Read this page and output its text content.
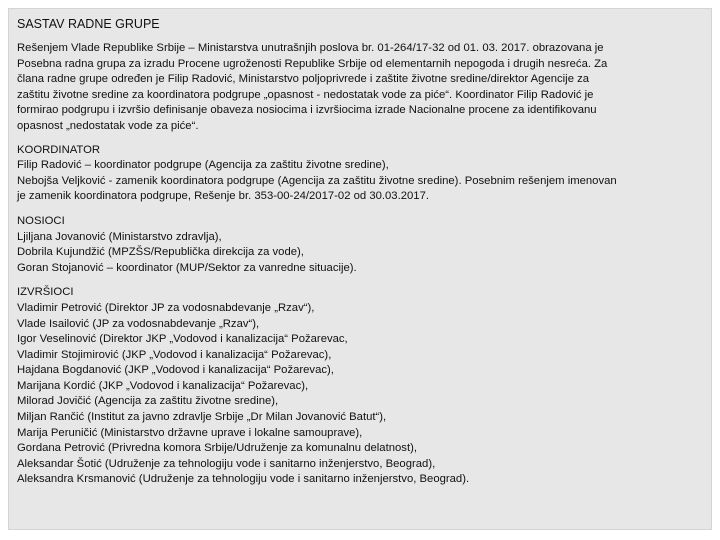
SASTAV RADNE GRUPE
Rešenjem Vlade Republike Srbije – Ministarstva unutrašnjih poslova br. 01-264/17-32 od 01. 03. 2017. obrazovana je
Posebna radna grupa za izradu Procene ugroženosti Republike Srbije od elementarnih nepogoda i drugih nesreća. Za
člana radne grupe određen je Filip Radović, Ministarstvo poljoprivrede i zaštite životne sredine/direktor Agencije za
zaštitu životne sredine za koordinatora podgrupe „opasnost - nedostatak vode za piće“. Koordinator Filip Radović je
formirao podgrupu i izvršio definisanje obaveza nosiocima i izvršiocima izrade Nacionalne procene za identifikovanu
opasnost „nedostatak vode za piće“.
KOORDINATOR
Filip Radović – koordinator podgrupe (Agencija za zaštitu životne sredine),
Nebojša Veljković - zamenik koordinatora podgrupe (Agencija za zaštitu životne sredine). Posebnim rešenjem imenovan
je zamenik koordinatora podgrupe, Rešenje br. 353-00-24/2017-02 od 30.03.2017.
NOSIOCI
Ljiljana Jovanović (Ministarstvo zdravlja),
Dobrila Kujundžić (MPZŠS/Republička direkcija za vode),
Goran Stojanović – koordinator (MUP/Sektor za vanredne situacije).
IZVRŠIOCI
Vladimir Petrović (Direktor JP za vodosnabdevanje „Rzav“),
Vlade Isailović (JP za vodosnabdevanje „Rzav“),
Igor Veselinović (Direktor JKP „Vodovod i kanalizacija“ Požarevac,
Vladimir Stojimirović (JKP „Vodovod i kanalizacija“ Požarevac),
Hajdana Bogdanović (JKP „Vodovod i kanalizacija“ Požarevac),
Marijana Kordić (JKP „Vodovod i kanalizacija“ Požarevac),
Milorad Jovičić (Agencija za zaštitu životne sredine),
Miljan Rančić (Institut za javno zdravlje Srbije „Dr Milan Jovanović Batut“),
Marija Peruničić (Ministarstvo državne uprave i lokalne samouprave),
Gordana Petrović (Privredna komora Srbije/Udruženje za komunalnu delatnost),
Aleksandar Šotić (Udruženje za tehnologiju vode i sanitarno inženjerstvo, Beograd),
Aleksandra Krsmanović (Udruženje za tehnologiju vode i sanitarno inženjerstvo, Beograd).
